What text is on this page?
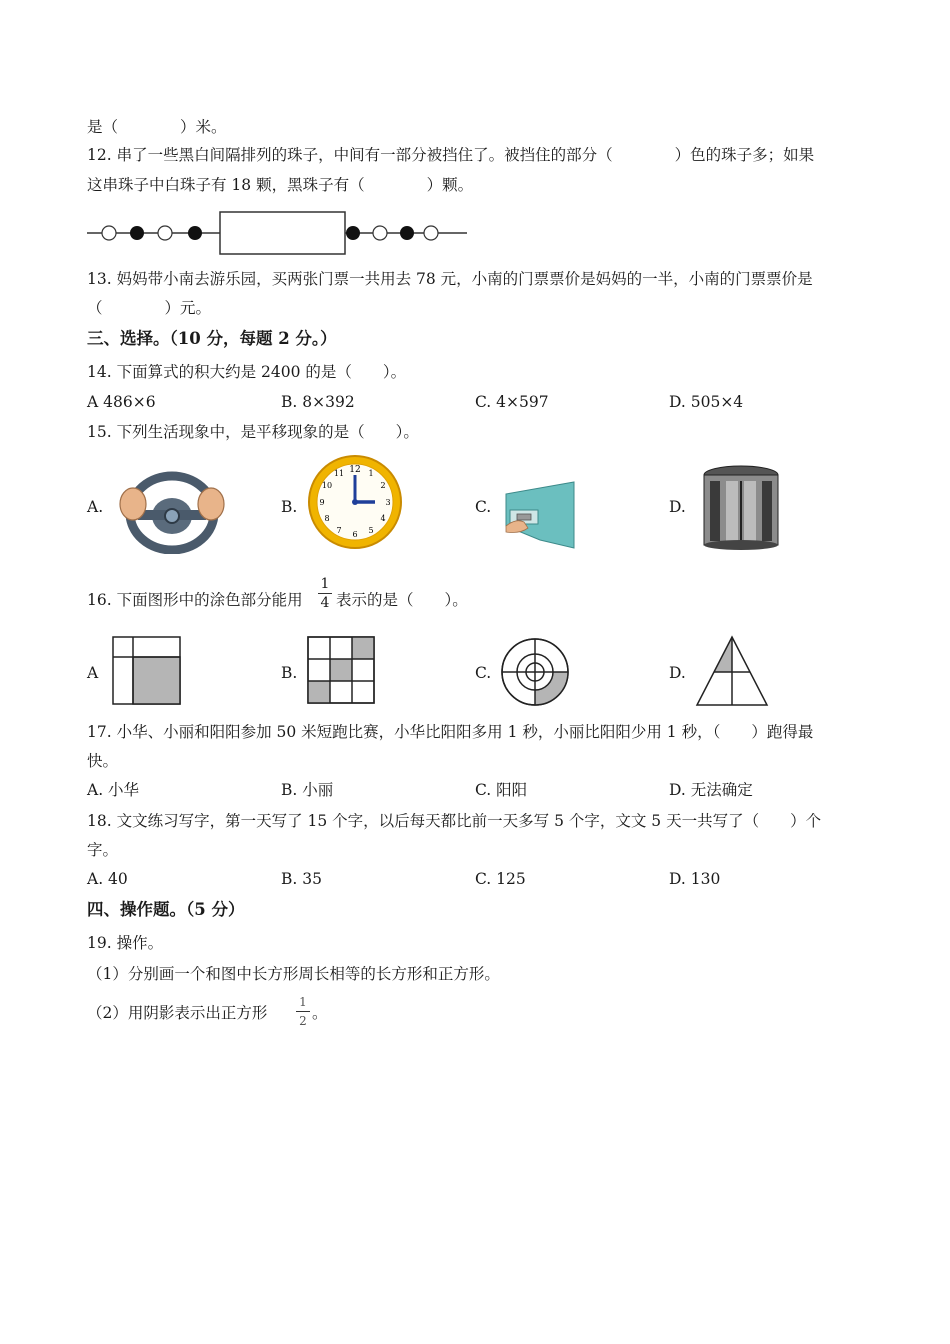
是（　　　　）米。
12. 串了一些黑白间隔排列的珠子，中间有一部分被挡住了。被挡住的部分（　　　　）色的珠子多；如果
这串珠子中白珠子有 18 颗，黑珠子有（　　　　）颗。
13. 妈妈带小南去游乐园，买两张门票一共用去 78 元，小南的门票票价是妈妈的一半，小南的门票票价是
（　　　　）元。
三、选择。（10 分，每题 2 分。）
14. 下面算式的积大约是 2400 的是（　　）。
A 486×6	B. 8×392	C. 4×597	D. 505×4
15. 下列生活现象中，是平移现象的是（　　）。
A.	B.
12 1
2
3
4
5
6
7
8
9
10
11
C.	D.
16. 下面图形中的涂色部分能用
1
4 表示的是（　　）。
A	B.	C.	D.
17. 小华、小丽和阳阳参加 50 米短跑比赛，小华比阳阳多用 1 秒，小丽比阳阳少用 1 秒，（　　）跑得最
快。
A. 小华	B. 小丽	C. 阳阳	D. 无法确定
18. 文文练习写字，第一天写了 15 个字，以后每天都比前一天多写 5 个字，文文 5 天一共写了（　　）个
字。
A. 40	B. 35	C. 125	D. 130
四、操作题。（5 分）
19. 操作。
（1）分别画一个和图中长方形周长相等的长方形和正方形。
（2）用阴影表示出正方形
1
2 。
